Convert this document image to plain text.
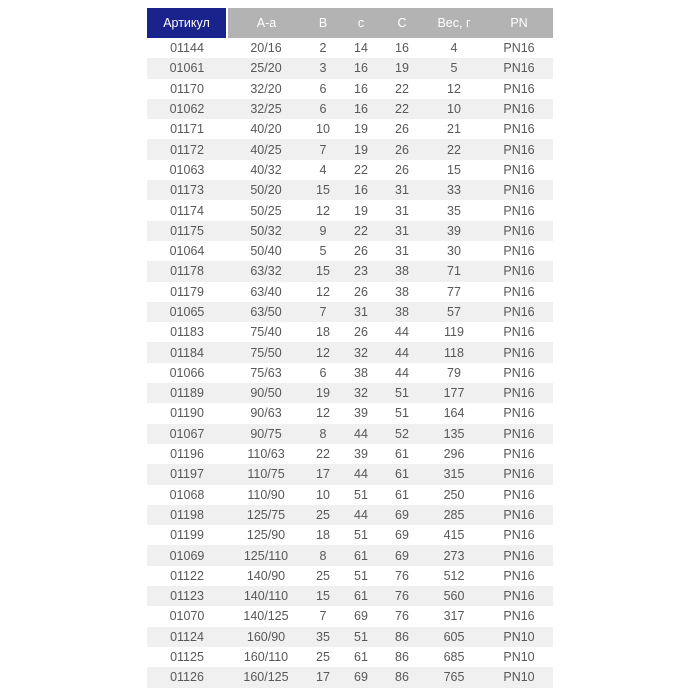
Артикул	A-a	B	c	C	Вес, г	PN
01144	20/16	2	14	16	4	PN16
01061	25/20	3	16	19	5	PN16
01170	32/20	6	16	22	12	PN16
01062	32/25	6	16	22	10	PN16
01171	40/20	10	19	26	21	PN16
01172	40/25	7	19	26	22	PN16
01063	40/32	4	22	26	15	PN16
01173	50/20	15	16	31	33	PN16
01174	50/25	12	19	31	35	PN16
01175	50/32	9	22	31	39	PN16
01064	50/40	5	26	31	30	PN16
01178	63/32	15	23	38	71	PN16
01179	63/40	12	26	38	77	PN16
01065	63/50	7	31	38	57	PN16
01183	75/40	18	26	44	119	PN16
01184	75/50	12	32	44	118	PN16
01066	75/63	6	38	44	79	PN16
01189	90/50	19	32	51	177	PN16
01190	90/63	12	39	51	164	PN16
01067	90/75	8	44	52	135	PN16
01196	110/63	22	39	61	296	PN16
01197	110/75	17	44	61	315	PN16
01068	110/90	10	51	61	250	PN16
01198	125/75	25	44	69	285	PN16
01199	125/90	18	51	69	415	PN16
01069	125/110	8	61	69	273	PN16
01122	140/90	25	51	76	512	PN16
01123	140/110	15	61	76	560	PN16
01070	140/125	7	69	76	317	PN16
01124	160/90	35	51	86	605	PN10
01125	160/110	25	61	86	685	PN10
01126	160/125	17	69	86	765	PN10
